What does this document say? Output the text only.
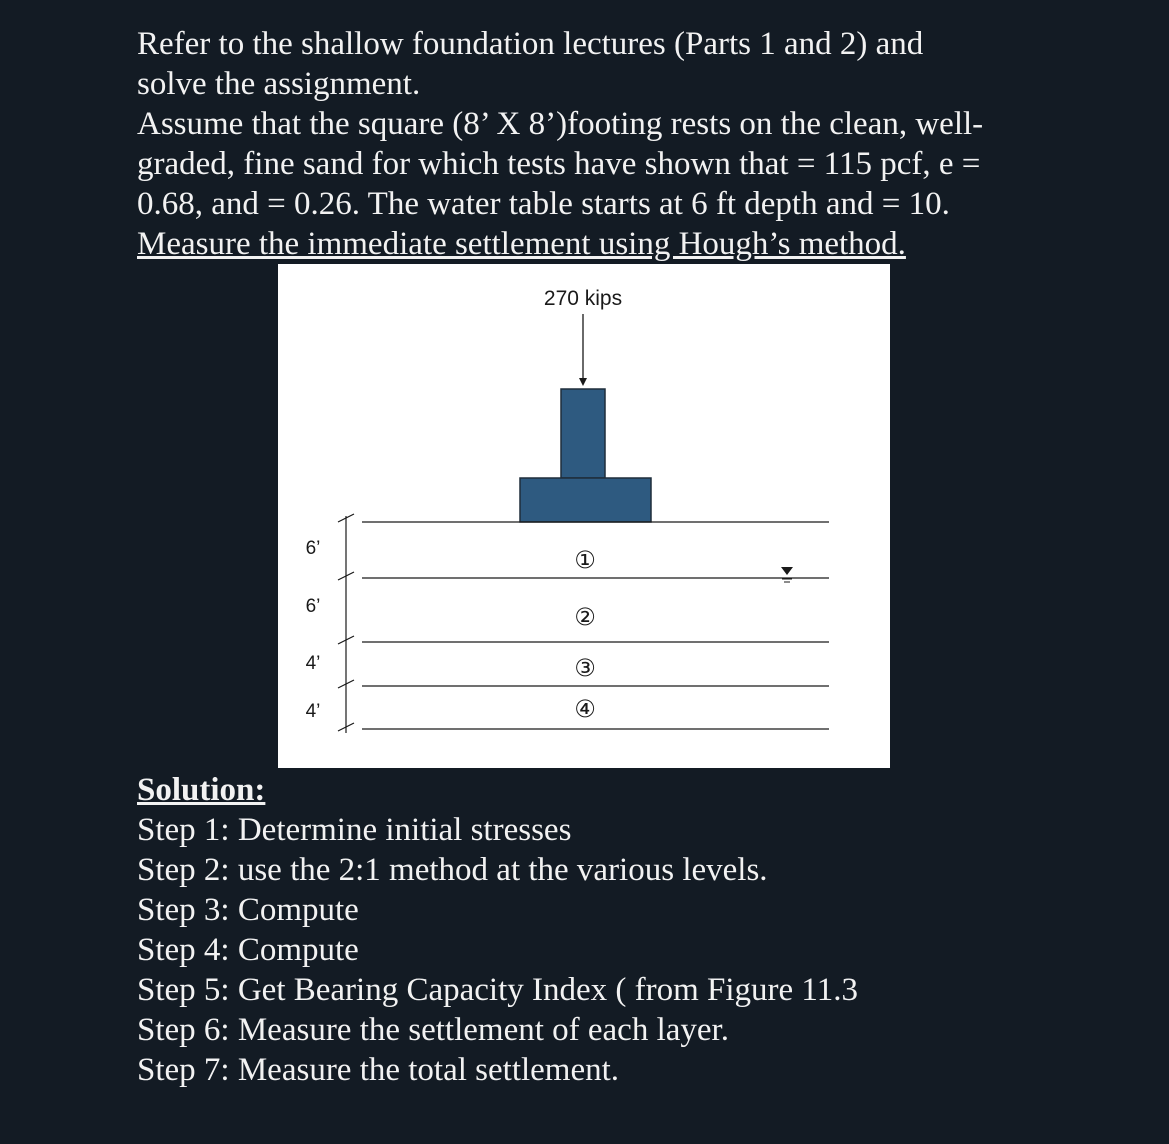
Refer to the shallow foundation lectures (Parts 1 and 2) and
solve the assignment.
Assume that the square (8’ X 8’)footing rests on the clean, well-
graded, fine sand for which tests have shown that = 115 pcf, e =
0.68, and = 0.26. The water table starts at 6 ft depth and = 10.
Measure the immediate settlement using Hough’s method.
270 kips
6’
6’
4’
4’
①
②
③
④
Solution:
Step 1: Determine initial stresses
Step 2: use the 2:1 method at the various levels.
Step 3: Compute
Step 4: Compute
Step 5: Get Bearing Capacity Index ( from Figure 11.3
Step 6: Measure the settlement of each layer.
Step 7: Measure the total settlement.
